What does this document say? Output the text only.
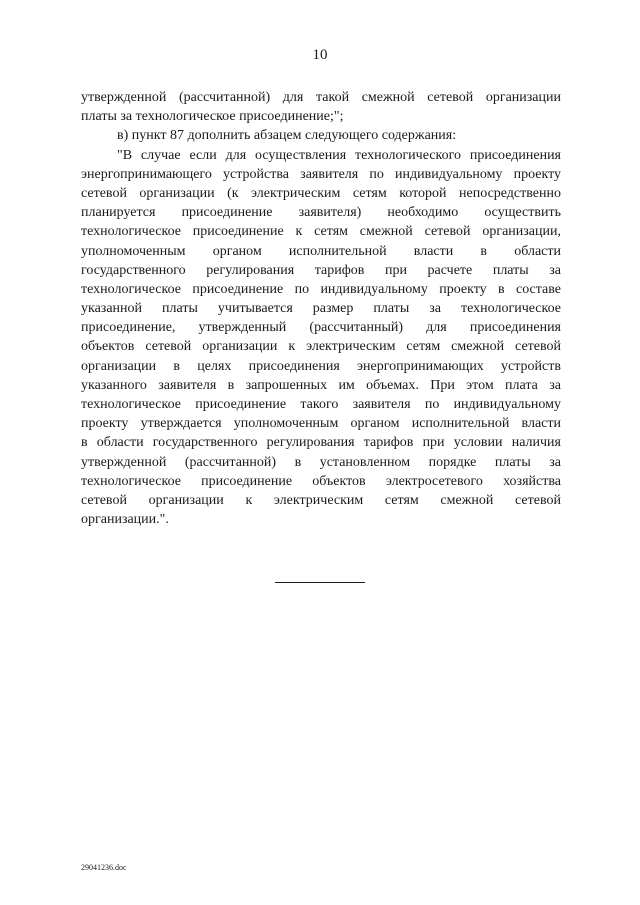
10
утвержденной (рассчитанной) для такой смежной сетевой организации
платы за технологическое присоединение;";
в) пункт 87 дополнить абзацем следующего содержания:
"В случае если для осуществления технологического присоединения
энергопринимающего устройства заявителя по индивидуальному проекту
сетевой организации (к электрическим сетям которой непосредственно
планируется присоединение заявителя) необходимо осуществить
технологическое присоединение к сетям смежной сетевой организации,
уполномоченным органом исполнительной власти в области
государственного регулирования тарифов при расчете платы за
технологическое присоединение по индивидуальному проекту в составе
указанной платы учитывается размер платы за технологическое
присоединение, утвержденный (рассчитанный) для присоединения
объектов сетевой организации к электрическим сетям смежной сетевой
организации в целях присоединения энергопринимающих устройств
указанного заявителя в запрошенных им объемах. При этом плата за
технологическое присоединение такого заявителя по индивидуальному
проекту утверждается уполномоченным органом исполнительной власти
в области государственного регулирования тарифов при условии наличия
утвержденной (рассчитанной) в установленном порядке платы за
технологическое присоединение объектов электросетевого хозяйства
сетевой организации к электрическим сетям смежной сетевой
организации.".
29041236.doc
